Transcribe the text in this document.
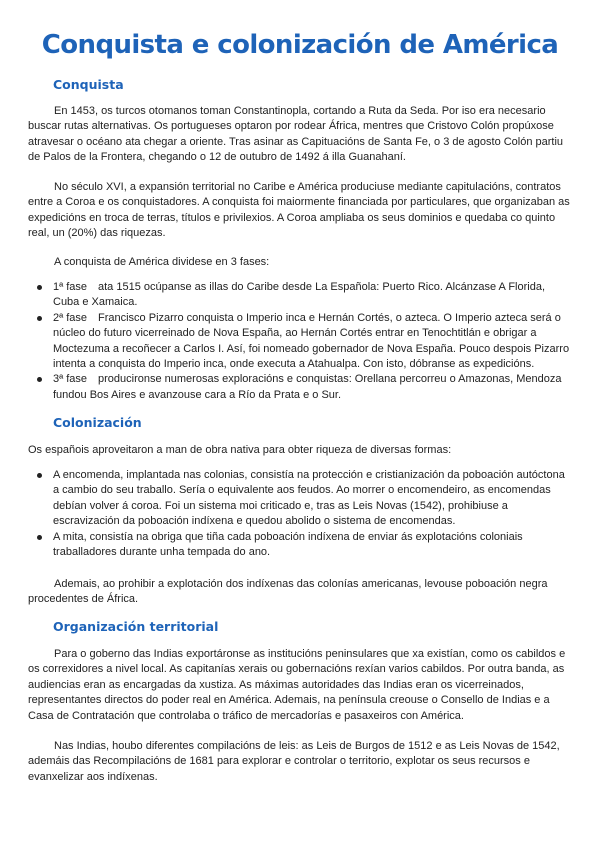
Conquista e colonización de América
Conquista

En 1453, os turcos otomanos toman Constantinopla, cortando a Ruta da Seda. Por iso era necesario buscar rutas alternativas. Os portugueses optaron por rodear África, mentres que Cristovo Colón propúxose atravesar o océano ata chegar a oriente. Tras asinar as Capituacións de Santa Fe, o 3 de agosto Colón partiu de Palos de la Frontera, chegando o 12 de outubro de 1492 á illa Guanahaní.

No século XVI, a expansión territorial no Caribe e América produciuse mediante capitulacións, contratos entre a Coroa e os conquistadores. A conquista foi maiormente financiada por particulares, que organizaban as expedicións en troca de terras, títulos e privilexios. A Coroa ampliaba os seus dominios e quedaba co quinto real, un (20%) das riquezas.

A conquista de América dividese en 3 fases:

1ª fase ata 1515 ocúpanse as illas do Caribe desde La Española: Puerto Rico. Alcánzase A Florida, Cuba e Xamaica.
2ª fase Francisco Pizarro conquista o Imperio inca e Hernán Cortés, o azteca. O Imperio azteca será o núcleo do futuro vicerreinado de Nova España, ao Hernán Cortés entrar en Tenochtitlán e obrigar a Moctezuma a recoñecer a Carlos I. Así, foi nomeado gobernador de Nova España. Pouco despois Pizarro intenta a conquista do Imperio inca, onde executa a Atahualpa. Con isto, dóbranse as expedicións.
3ª fase producironse numerosas exploracións e conquistas: Orellana percorreu o Amazonas, Mendoza fundou Bos Aires e avanzouse cara a Río da Prata e o Sur.
Colonización

Os españois aproveitaron a man de obra nativa para obter riqueza de diversas formas:

A encomenda, implantada nas colonias, consistía na protección e cristianización da poboación autóctona a cambio do seu traballo. Sería o equivalente aos feudos. Ao morrer o encomendeiro, as encomendas debían volver á coroa. Foi un sistema moi criticado e, tras as Leis Novas (1542), prohibiuse a escravización da poboación indíxena e quedou abolido o sistema de encomendas.
A mita, consistía na obriga que tiña cada poboación indíxena de enviar ás explotacións coloniais traballadores durante unha tempada do ano.

Ademais, ao prohibir a explotación dos indíxenas das colonías americanas, levouse poboación negra procedentes de África.

Organización territorial

Para o goberno das Indias exportáronse as institucións peninsulares que xa existían, como os cabildos e os correxidores a nivel local. As capitanías xerais ou gobernacións rexían varios cabildos. Por outra banda, as audiencias eran as encargadas da xustiza. As máximas autoridades das Indias eran os vicerreinados, representantes directos do poder real en América. Ademais, na península creouse o Consello de Indias e a Casa de Contratación que controlaba o tráfico de mercadorías e pasaxeiros con América.

Nas Indias, houbo diferentes compilacións de leis: as Leis de Burgos de 1512 e as Leis Novas de 1542, ademáis das Recompilacións de 1681 para explorar e controlar o territorio, explotar os seus recursos e evanxelizar aos indíxenas.
